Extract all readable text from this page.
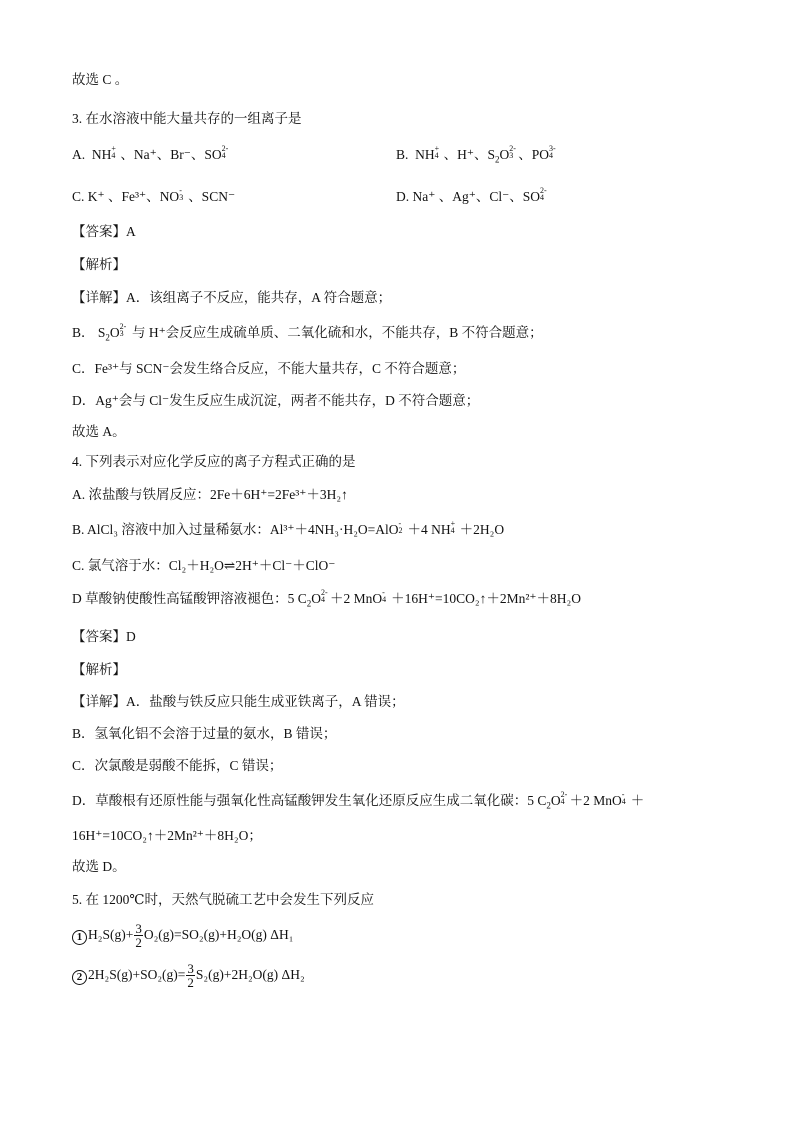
故选 C 。
3. 在水溶液中能大量共存的一组离子是
A. NH +
4 、Na⁺、Br⁻、SO 2-
4	B. NH +
4 、H⁺、$S_2O$ 2-
3 、PO 3-
4
C. K⁺ 、Fe³⁺、NO -
3 、SCN⁻	D. Na⁺ 、Ag⁺、Cl⁻、SO 2-
4
【答案】A
【解析】
【详解】A．该组离子不反应，能共存，A 符合题意；
B． $S_2O$ 2-
3 与 H⁺会反应生成硫单质、二氧化硫和水，不能共存，B 不符合题意；
C．Fe³⁺与 SCN⁻会发生络合反应，不能大量共存，C 不符合题意；
D．Ag⁺会与 Cl⁻发生反应生成沉淀，两者不能共存，D 不符合题意；
故选 A。
4. 下列表示对应化学反应的离子方程式正确的是
A. 浓盐酸与铁屑反应：2Fe＋6H⁺=2Fe³⁺＋3H₂↑
B. AlCl₃ 溶液中加入过量稀氨水：Al³⁺＋4NH₃·H₂O=AlO -
2 ＋4 NH +
4 ＋2H₂O
C. 氯气溶于水：Cl₂＋H₂O⇌2H⁺＋Cl⁻＋ClO⁻
D 草酸钠使酸性高锰酸钾溶液褪色：5 $C_2O$ 2-
4 ＋2 MnO -
4 ＋16H⁺=10CO₂↑＋2Mn²⁺＋8H₂O
【答案】D
【解析】
【详解】A．盐酸与铁反应只能生成亚铁离子，A 错误；
B．氢氧化铝不会溶于过量的氨水，B 错误；
C．次氯酸是弱酸不能拆，C 错误；
D．草酸根有还原性能与强氧化性高锰酸钾发生氧化还原反应生成二氧化碳：5 $C_2O$ 2-
4 ＋2 MnO -
4 ＋
16H⁺=10CO₂↑＋2Mn²⁺＋8H₂O；
故选 D。
5. 在 1200℃时，天然气脱硫工艺中会发生下列反应
1 $H_2S(g)+ \frac{3}{2} O_2(g)=SO_2(g)+H_2O(g)$ ΔH₁
2 $2H_2S(g)+SO_2(g)= \frac{3}{2} S_2(g)+2H_2O(g)$ ΔH₂
